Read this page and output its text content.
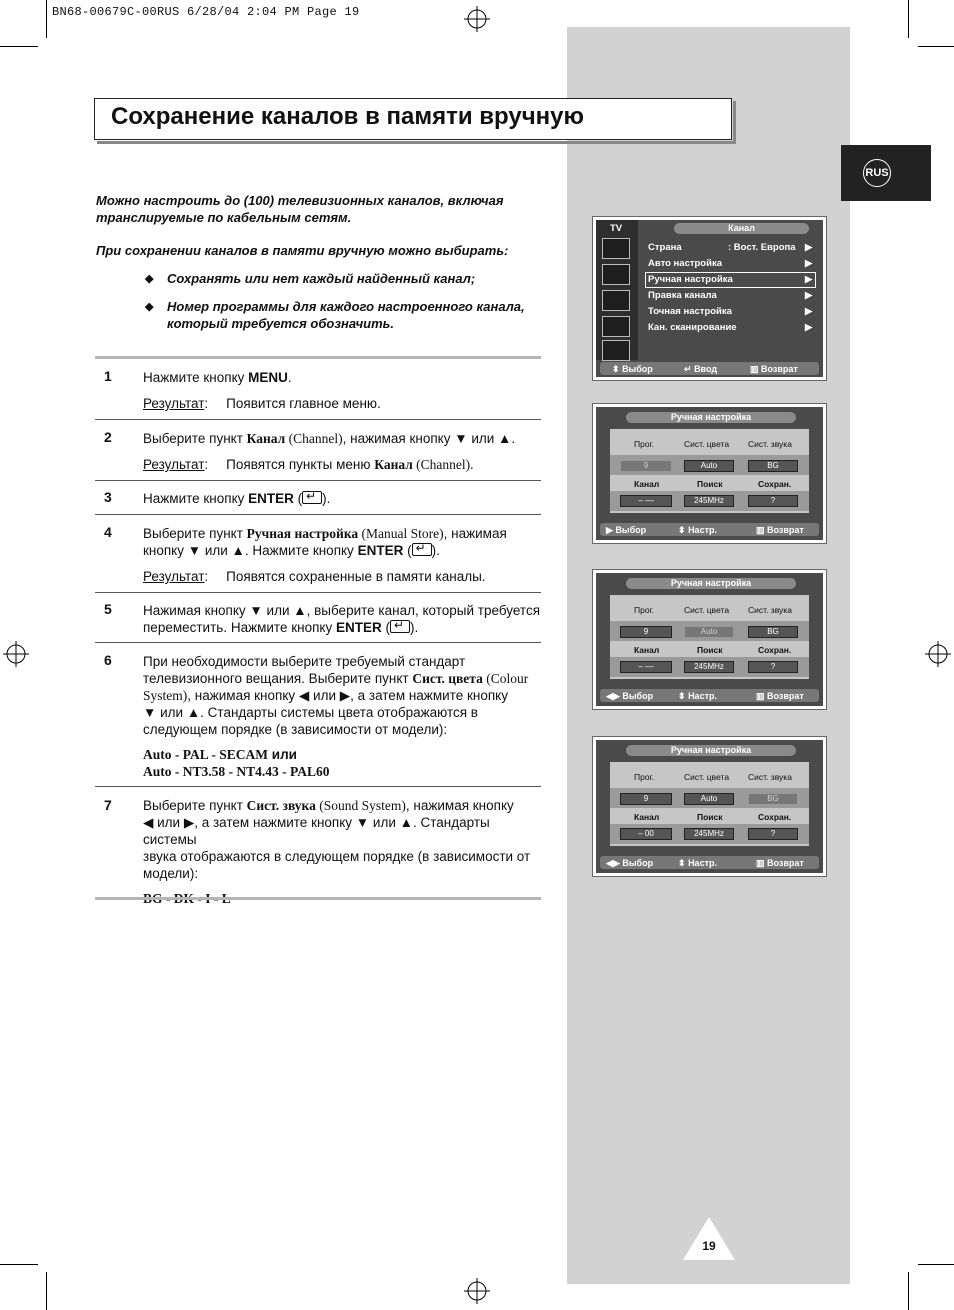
BN68-00679C-00RUS 6/28/04 2:04 PM Page 19
Сохранение каналов в памяти вручную
RUS
Можно настроить до (100) телевизионных каналов, включая
транслируемые по кабельным сетям.
При сохранении каналов в памяти вручную можно выбирать:
◆ Сохранять или нет каждый найденный канал;
◆ Номер программы для каждого настроенного канала,
который требуется обозначить.
1 Нажмите кнопку MENU.
Результат: Появится главное меню.
2 Выберите пункт Канал (Channel), нажимая кнопку ▼ или ▲.
Результат: Появятся пункты меню Канал (Channel).
3 Нажмите кнопку ENTER ( ↵ ).
4 Выберите пункт Ручная настройка (Manual Store), нажимая
кнопку ▼ или ▲. Нажмите кнопку ENTER ( ↵ ).
Результат: Появятся сохраненные в памяти каналы.
5 Нажимая кнопку ▼ или ▲, выберите канал, который требуется
переместить. Нажмите кнопку ENTER ( ↵ ).
6 При необходимости выберите требуемый стандарт
телевизионного вещания. Выберите пункт Сист. цвета (Colour
System), нажимая кнопку ◀ или ▶, а затем нажмите кнопку
▼ или ▲. Стандарты системы цвета отображаются в
следующем порядке (в зависимости от модели):
Auto - PAL - SECAM или
Auto - NT3.58 - NT4.43 - PAL60
7 Выберите пункт Сист. звука (Sound System), нажимая кнопку
◀ или ▶, а затем нажмите кнопку ▼ или ▲. Стандарты системы
звука отображаются в следующем порядке (в зависимости от
модели):
TV	Канал
Страна	: Вост. Европа ▶
Авто настройка	▶
Ручная настройка	▶
Правка канала	▶
Точная настройка	▶
Кан. сканирование	▶
⬍ Выбор	↵ Ввод	▥ Возврат
Ручная настройка
Прог.	Сист. цвета Сист. звука
9	Auto	BG
Канал	Поиск	Сохран.
– ––	245MHz	?
▶ Выбор	⬍ Настр.	▥ Возврат
Ручная настройка
Прог.	Сист. цвета Сист. звука
9	Auto	BG
Канал	Поиск	Сохран.
– ––	245MHz	?
◀▶ Выбор	⬍ Настр.	▥ Возврат
Ручная настройка
Прог.	Сист. цвета Сист. звука
9	Auto	BG
Канал	Поиск	Сохран.
– 00	245MHz	?
◀▶ Выбор	⬍ Настр.	▥ Возврат
19
